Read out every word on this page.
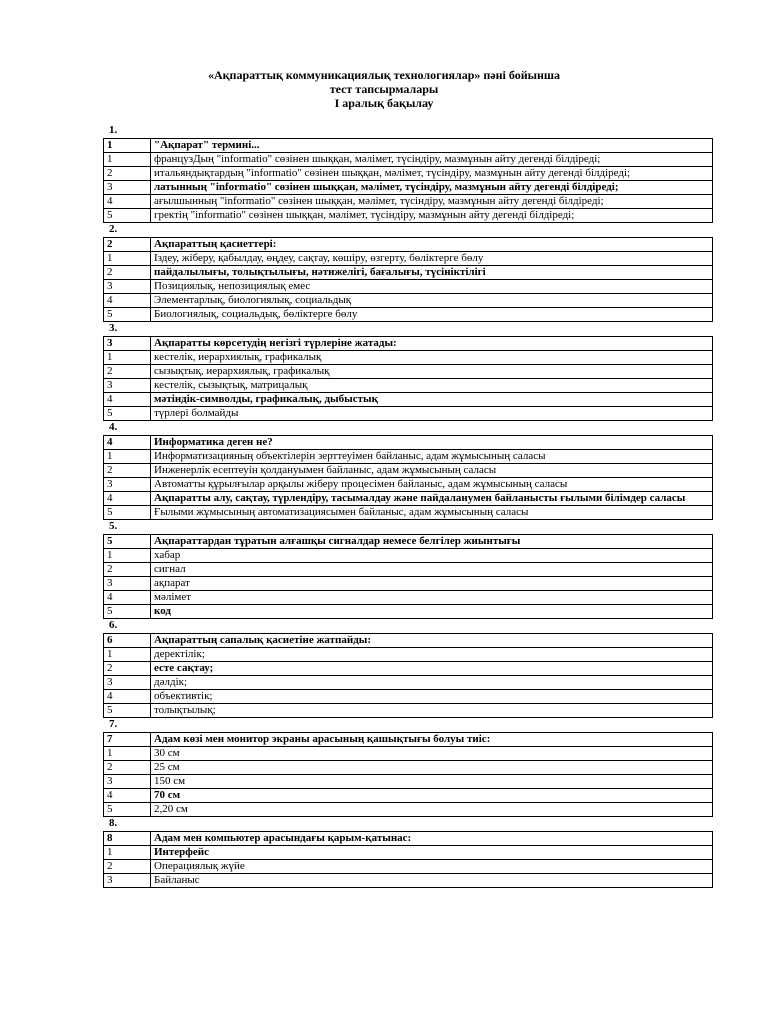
«Ақпараттық коммуникациялық технологиялар» пәні бойынша
тест тапсырмалары
І аралық бақылау
1.
1	"Ақпарат" термині...
1	французДың "informatio" сөзінен шыққан, мәлімет, түсіндіру, мазмұнын айту дегенді білдіреді;
2	итальяндықтардың "informatio" сөзінен шыққан, мәлімет, түсіндіру, мазмұнын айту дегенді білдіреді;
3	латынның "informatio" сөзінен шыққан, мәлімет, түсіндіру, мазмұнын айту дегенді білдіреді;
4	ағылшынның "informatio" сөзінен шыққан, мәлімет, түсіндіру, мазмұнын айту дегенді білдіреді;
5	гректің "informatio" сөзінен шыққан, мәлімет, түсіндіру, мазмұнын айту дегенді білдіреді;
2.
2	Ақпараттың қасиеттері:
1	Іздеу, жіберу, қабылдау, өңдеу, сақтау, көшіру, өзгерту, бөліктерге бөлу
2	пайдалылығы, толықтылығы, нәтижелігі, бағалығы, түсініктілігі
3	Позициялық, непозициялық емес
4	Элементарлық, биологиялық, социальдық
5	Биологиялық, социальдық, бөліктерге бөлу
3.
3	Ақпаратты көрсетудің негізгі түрлеріне жатады:
1	кестелік, иерархиялық, графикалық
2	сызықтық, иерархиялық, графикалық
3	кестелік, сызықтық, матрицалық
4	мәтіндік-символды, графикалық, дыбыстық
5	түрлері болмайды
4.
4	Информатика деген не?
1	Информатизацияның объектілерін зерттеуімен байланыс, адам жұмысының саласы
2	Инженерлік есептеуін қолдануымен байланыс, адам жұмысының саласы
3	Автоматты құрылғылар арқылы жіберу процесімен байланыс, адам жұмысының саласы
4	Ақпаратты алу, сақтау, түрлендіру, тасымалдау және пайдаланумен байланысты ғылыми білімдер саласы
5	Ғылыми жұмысының автоматизациясымен байланыс, адам жұмысының саласы
5.
5	Ақпараттардан тұратын алғашқы сигналдар немесе белгілер жиынтығы
1	хабар
2	сигнал
3	ақпарат
4	мәлімет
5	код
6.
6	Ақпараттың сапалық қасиетіне жатпайды:
1	деректілік;
2	есте сақтау;
3	дәлдік;
4	объективтік;
5	толықтылық;
7.
7	Адам көзі мен монитор экраны арасының қашықтығы болуы тиіс:
1	30 см
2	25 см
3	150 см
4	70 см
5	2,20 см
8.
8	Адам мен компьютер арасындағы қарым-қатынас:
1	Интерфейс
2	Операциялық жүйе
3	Байланыс
